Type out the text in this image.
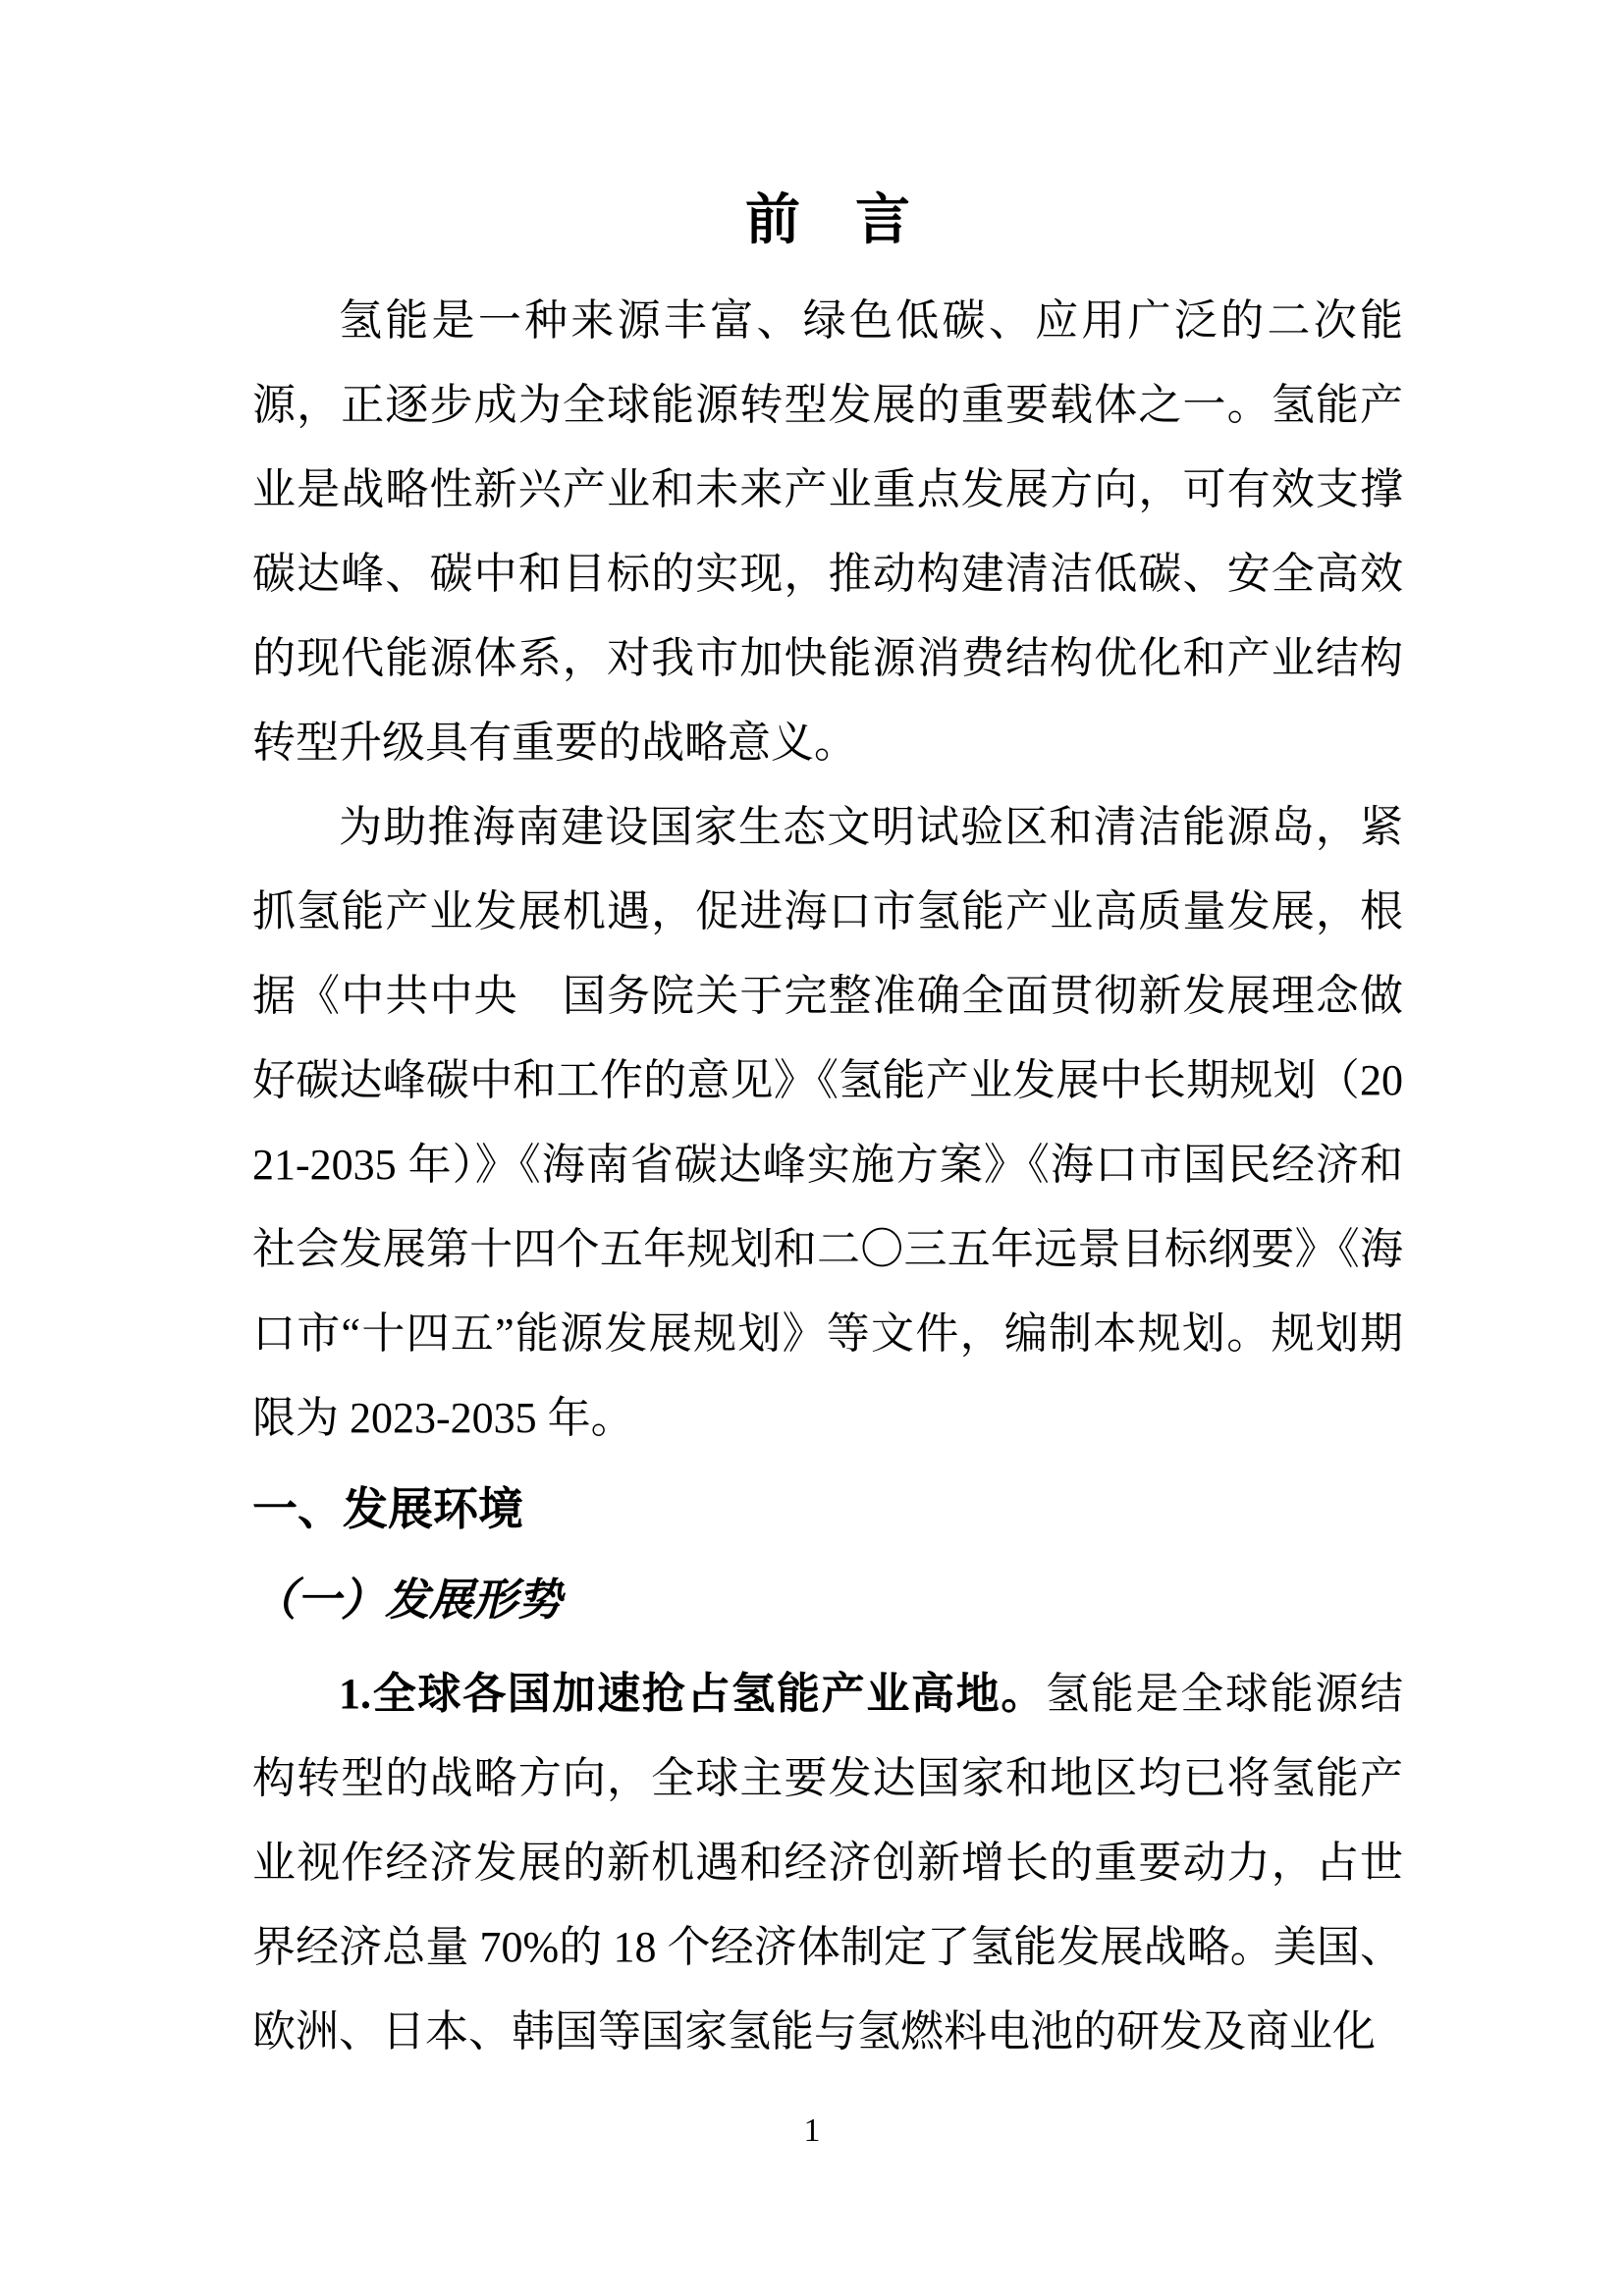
前　言

氢能是一种来源丰富、绿色低碳、应用广泛的二次能源，正逐步成为全球能源转型发展的重要载体之一。氢能产业是战略性新兴产业和未来产业重点发展方向，可有效支撑碳达峰、碳中和目标的实现，推动构建清洁低碳、安全高效的现代能源体系，对我市加快能源消费结构优化和产业结构转型升级具有重要的战略意义。

为助推海南建设国家生态文明试验区和清洁能源岛，紧抓氢能产业发展机遇，促进海口市氢能产业高质量发展，根据《中共中央　国务院关于完整准确全面贯彻新发展理念做好碳达峰碳中和工作的意见》《氢能产业发展中长期规划（2021-2035 年）》《海南省碳达峰实施方案》《海口市国民经济和社会发展第十四个五年规划和二〇三五年远景目标纲要》《海口市“十四五”能源发展规划》等文件，编制本规划。规划期限为 2023-2035 年。

一、发展环境
（一）发展形势

1.全球各国加速抢占氢能产业高地。氢能是全球能源结构转型的战略方向，全球主要发达国家和地区均已将氢能产业视作经济发展的新机遇和经济创新增长的重要动力，占世界经济总量 70%的 18 个经济体制定了氢能发展战略。美国、欧洲、日本、韩国等国家氢能与氢燃料电池的研发及商业化

1
